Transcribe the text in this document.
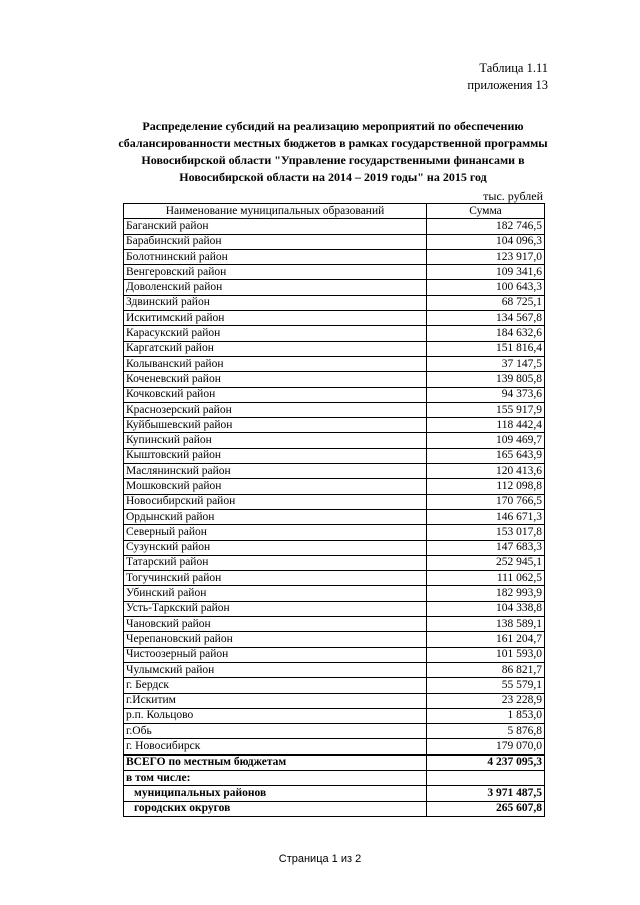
Таблица 1.11
приложения 13
Распределение субсидий на реализацию мероприятий по обеспечению сбалансированности местных бюджетов в рамках государственной программы Новосибирской области "Управление государственными финансами в Новосибирской области на 2014 – 2019 годы" на 2015 год
тыс. рублей
Наименование муниципальных образований	Сумма
Баганский район	182 746,5
Барабинский район	104 096,3
Болотнинский район	123 917,0
Венгеровский район	109 341,6
Доволенский район	100 643,3
Здвинский район	68 725,1
Искитимский район	134 567,8
Карасукский район	184 632,6
Каргатский район	151 816,4
Колыванский район	37 147,5
Коченевский район	139 805,8
Кочковский район	94 373,6
Краснозерский район	155 917,9
Куйбышевский район	118 442,4
Купинский район	109 469,7
Кыштовский район	165 643,9
Маслянинский район	120 413,6
Мошковский район	112 098,8
Новосибирский район	170 766,5
Ордынский район	146 671,3
Северный район	153 017,8
Сузунский район	147 683,3
Татарский район	252 945,1
Тогучинский район	111 062,5
Убинский район	182 993,9
Усть-Таркский район	104 338,8
Чановский район	138 589,1
Черепановский район	161 204,7
Чистоозерный район	101 593,0
Чулымский район	86 821,7
г. Бердск	55 579,1
г.Искитим	23 228,9
р.п. Кольцово	1 853,0
г.Обь	5 876,8
г. Новосибирск	179 070,0
ВСЕГО по местным бюджетам	4 237 095,3
в том числе:	
муниципальных районов	3 971 487,5
городских округов	265 607,8
Страница 1 из 2
